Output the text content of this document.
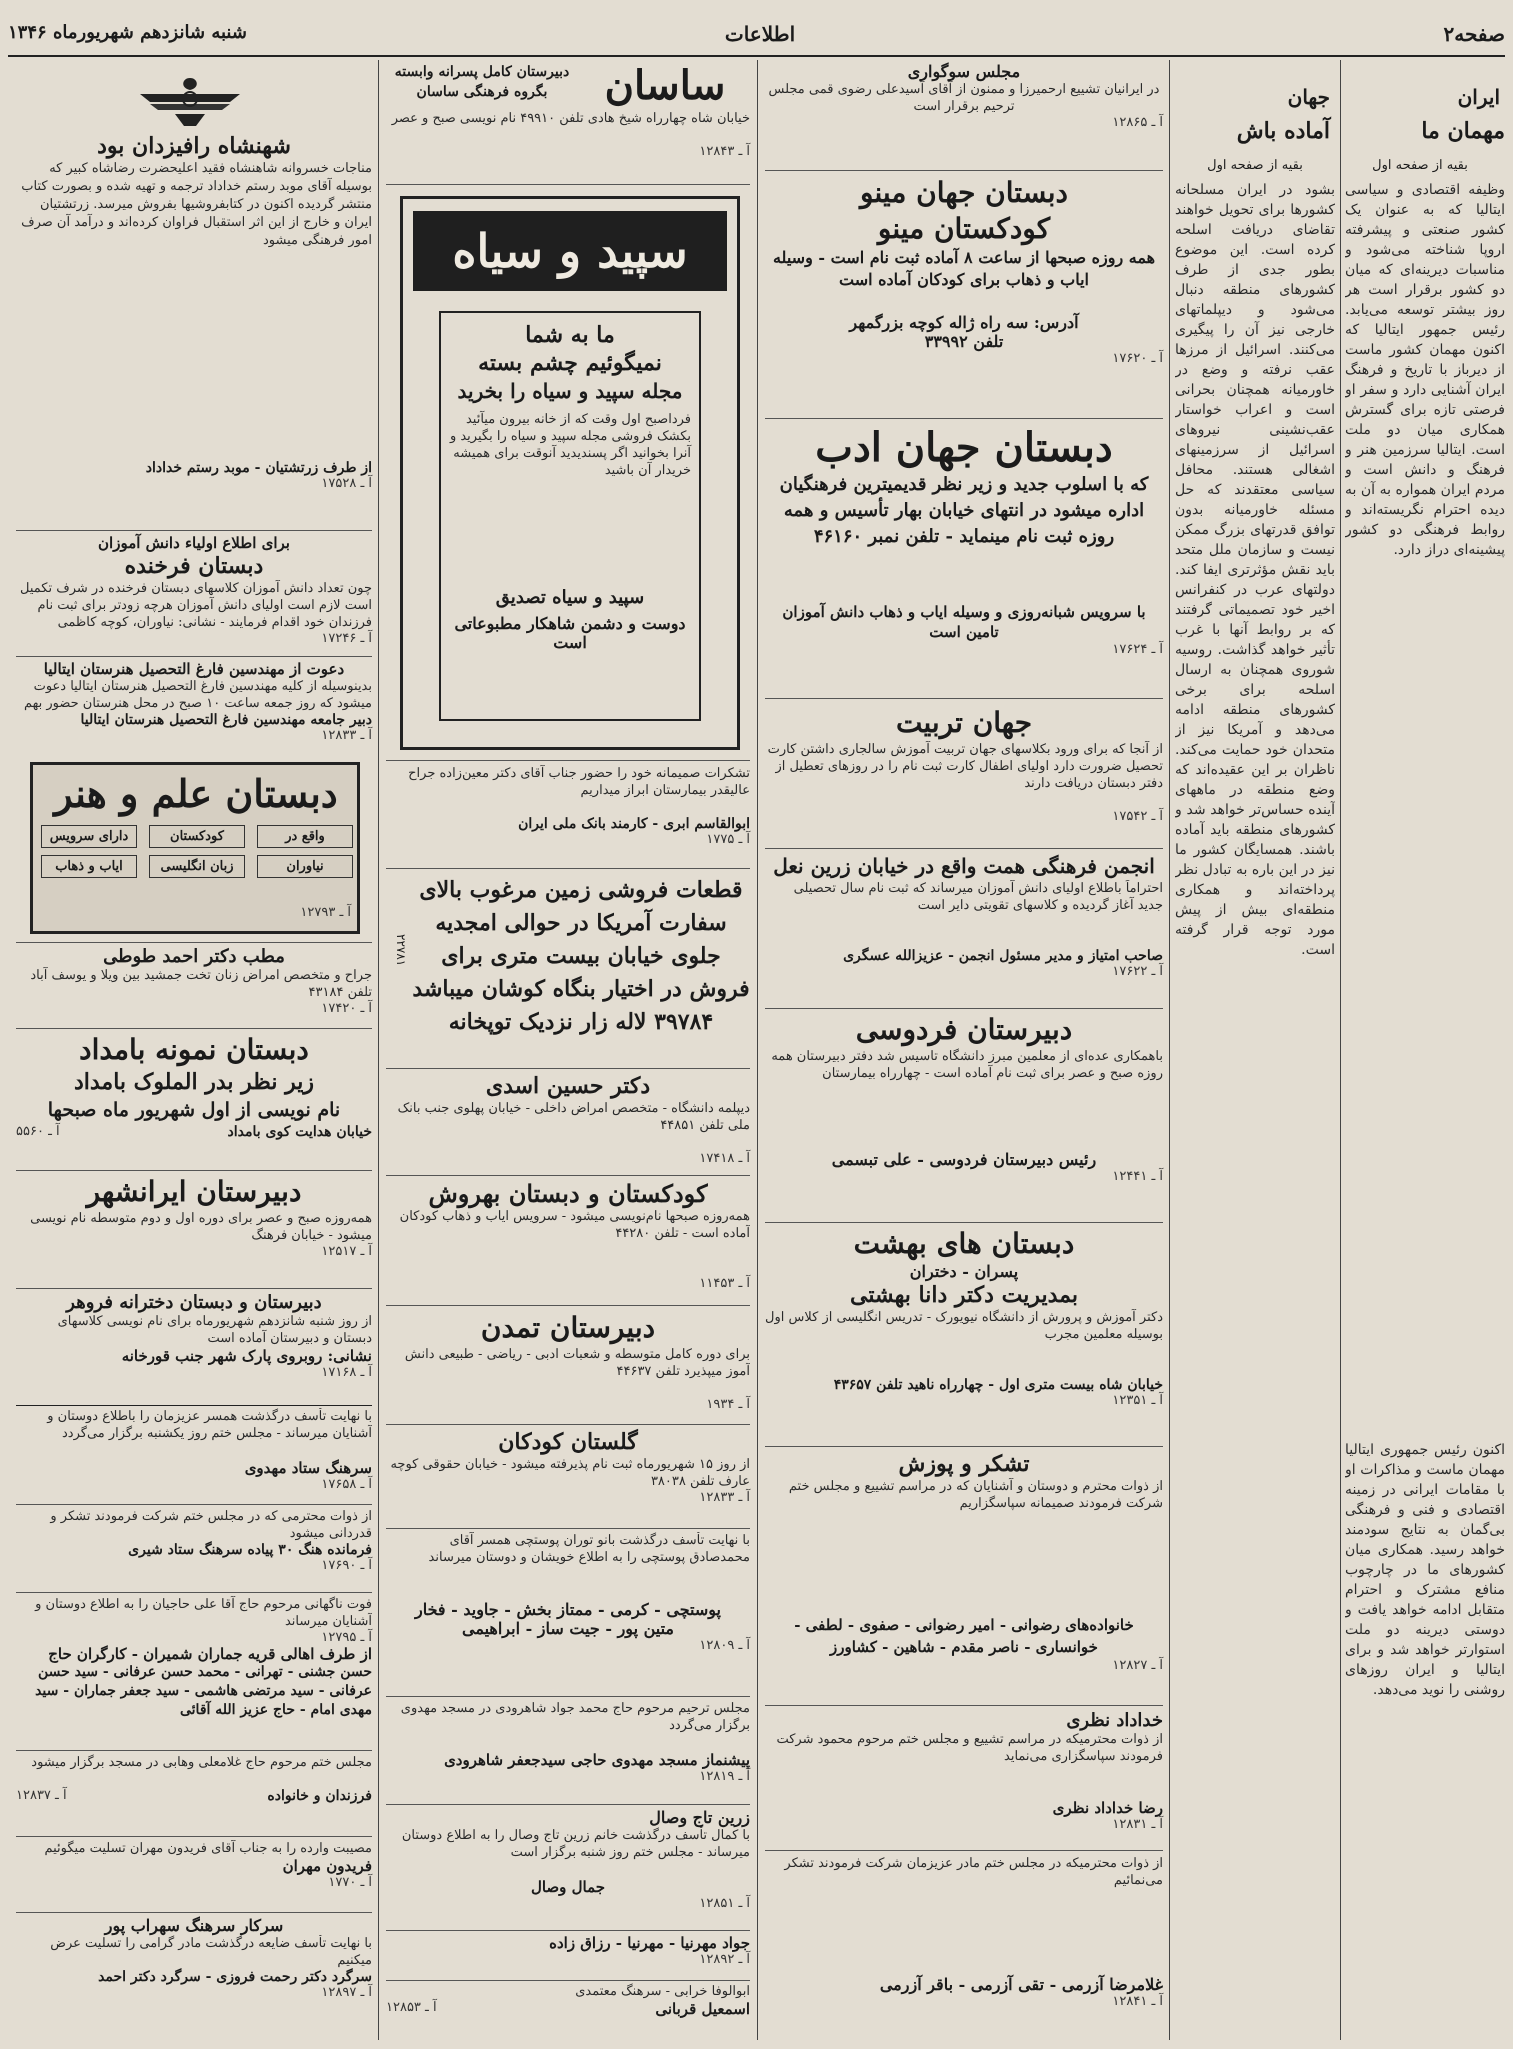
صفحه۲
اطلاعات
شنبه شانزدهم شهریورماه ۱۳۴۶
ایران
مهمان ما
بقیه از صفحه اول
وظیفه اقتصادی و سیاسی ایتالیا که به عنوان یک کشور صنعتی و پیشرفته اروپا شناخته می‌شود و مناسبات دیرینه‌ای که میان دو کشور برقرار است هر روز بیشتر توسعه می‌یابد. رئیس جمهور ایتالیا که اکنون مهمان کشور ماست از دیرباز با تاریخ و فرهنگ ایران آشنایی دارد و سفر او فرصتی تازه برای گسترش همکاری میان دو ملت است. ایتالیا سرزمین هنر و فرهنگ و دانش است و مردم ایران همواره به آن به دیده احترام نگریسته‌اند و روابط فرهنگی دو کشور پیشینه‌ای دراز دارد.
اکنون رئیس جمهوری ایتالیا مهمان ماست و مذاکرات او با مقامات ایرانی در زمینه اقتصادی و فنی و فرهنگی بی‌گمان به نتایج سودمند خواهد رسید. همکاری میان کشورهای ما در چارچوب منافع مشترک و احترام متقابل ادامه خواهد یافت و دوستی دیرینه دو ملت استوارتر خواهد شد و برای ایتالیا و ایران روزهای روشنی را نوید می‌دهد.
جهان
آماده باش
بقیه از صفحه اول
بشود در ایران مسلحانه کشورها برای تحویل خواهند تقاضای دریافت اسلحه کرده است. این موضوع بطور جدی از طرف کشورهای منطقه دنبال می‌شود و دیپلماتهای خارجی نیز آن را پیگیری می‌کنند. اسرائیل از مرزها عقب نرفته و وضع در خاورمیانه همچنان بحرانی است و اعراب خواستار عقب‌نشینی نیروهای اسرائیل از سرزمینهای اشغالی هستند. محافل سیاسی معتقدند که حل مسئله خاورمیانه بدون توافق قدرتهای بزرگ ممکن نیست و سازمان ملل متحد باید نقش مؤثرتری ایفا کند. دولتهای عرب در کنفرانس اخیر خود تصمیماتی گرفتند که بر روابط آنها با غرب تأثیر خواهد گذاشت. روسیه شوروی همچنان به ارسال اسلحه برای برخی کشورهای منطقه ادامه می‌دهد و آمریکا نیز از متحدان خود حمایت می‌کند. ناظران بر این عقیده‌اند که وضع منطقه در ماههای آینده حساس‌تر خواهد شد و کشورهای منطقه باید آماده باشند. همسایگان کشور ما نیز در این باره به تبادل نظر پرداخته‌اند و همکاری منطقه‌ای بیش از پیش مورد توجه قرار گرفته است.
مجلس سوگواری
در ایرانیان تشییع ارحمیرزا و ممنون از آقای آسیدعلی رضوی قمی مجلس ترحیم برقرار است
آ ـ ۱۲۸۶۵
دبستان جهان مینو
کودکستان مینو
همه روزه صبحها از ساعت ۸ آماده ثبت نام است - وسیله ایاب و ذهاب برای کودکان آماده است
آدرس: سه راه ژاله کوچه بزرگمهر
تلفن ۳۳۹۹۲
آ ـ ۱۷۶۲۰
دبستان جهان ادب
که با اسلوب جدید و زیر نظر قدیمیترین فرهنگیان اداره میشود در انتهای خیابان بهار تأسیس و همه روزه ثبت نام مینماید - تلفن نمبر ۴۶۱۶۰
با سرویس شبانه‌روزی و وسیله ایاب و ذهاب دانش آموزان تامین است
آ ـ ۱۷۶۲۴
جهان تربیت
از آنجا که برای ورود بکلاسهای جهان تربیت آموزش سالجاری داشتن کارت تحصیل ضرورت دارد اولیای اطفال کارت ثبت نام را در روزهای تعطیل از دفتر دبستان دریافت دارند
آ ـ ۱۷۵۴۲
انجمن فرهنگی همت واقع در خیابان زرین نعل
احتراماً باطلاع اولیای دانش آموزان میرساند که ثبت نام سال تحصیلی جدید آغاز گردیده و کلاسهای تقویتی دایر است
صاحب امتیاز و مدیر مسئول انجمن - عزیزالله عسگری
آ ـ ۱۷۶۲۲
دبیرستان فردوسی
باهمکاری عده‌ای از معلمین مبرز دانشگاه تاسیس شد دفتر دبیرستان همه روزه صبح و عصر برای ثبت نام آماده است - چهارراه بیمارستان
رئیس دبیرستان فردوسی - علی تبسمی
آ ـ ۱۲۴۴۱
دبستان های بهشت
پسران - دختران
بمدیریت دکتر دانا بهشتی
دکتر آموزش و پرورش از دانشگاه نیویورک - تدریس انگلیسی از کلاس اول بوسیله معلمین مجرب
خیابان شاه بیست متری اول - چهارراه ناهید تلفن ۴۳۶۵۷
آ ـ ۱۲۳۵۱
تشکر و پوزش
از ذوات محترم و دوستان و آشنایان که در مراسم تشییع و مجلس ختم شرکت فرمودند صمیمانه سپاسگزاریم
خانواده‌های رضوانی - امیر رضوانی - صفوی - لطفی - خوانساری - ناصر مقدم - شاهین - کشاورز
آ ـ ۱۲۸۲۷
خداداد نظری
از ذوات محترمیکه در مراسم تشییع و مجلس ختم مرحوم محمود شرکت فرمودند سپاسگزاری می‌نماید
رضا خداداد نظری
آ ـ ۱۲۸۳۱
از ذوات محترمیکه در مجلس ختم مادر عزیزمان شرکت فرمودند تشکر می‌نمائیم
غلامرضا آزرمی - تقی آزرمی - باقر آزرمی
آ ـ ۱۲۸۴۱
ساسان
دبیرستان کامل پسرانه وابسته بگروه فرهنگی ساسان
خیابان شاه چهارراه شیخ هادی تلفن ۴۹۹۱۰ نام نویسی صبح و عصر
آ ـ ۱۲۸۴۳
سپید و سیاه
ما به شما
نمیگوئیم چشم بسته
مجله سپید و سیاه را بخرید
فرداصبح اول وقت که از خانه بیرون میآئید بکشک فروشی مجله سپید و سیاه را بگیرید و آنرا بخوانید اگر پسندیدید آنوقت برای همیشه خریدار آن باشید
سپید و سیاه تصدیق
دوست و دشمن شاهکار مطبوعاتی است
تشکرات صمیمانه خود را حضور جناب آقای دکتر معین‌زاده جراح عالیقدر بیمارستان ابراز میداریم
ابوالقاسم ابری - کارمند بانک ملی ایران
آ ـ ۱۷۷۵
قطعات فروشی زمین مرغوب بالای سفارت آمریکا در حوالی امجدیه جلوی خیابان بیست متری برای فروش در اختیار بنگاه کوشان میباشد ۳۹۷۸۴ لاله زار نزدیک توپخانه
۲۲۷۸۱
دکتر حسین اسدی
دیپلمه دانشگاه - متخصص امراض داخلی - خیابان پهلوی جنب بانک ملی تلفن ۴۴۸۵۱
آ ـ ۱۷۴۱۸
کودکستان و دبستان بهروش
همه‌روزه صبحها نام‌نویسی میشود - سرویس ایاب و ذهاب کودکان آماده است - تلفن ۴۴۲۸۰
آ ـ ۱۱۴۵۳
دبیرستان تمدن
برای دوره کامل متوسطه و شعبات ادبی - ریاضی - طبیعی دانش آموز میپذیرد تلفن ۴۴۶۳۷
آ ـ ۱۹۳۴
گلستان کودکان
از روز ۱۵ شهریورماه ثبت نام پذیرفته میشود - خیابان حقوقی کوچه عارف تلفن ۳۸۰۳۸
آ ـ ۱۲۸۳۳
با نهایت تأسف درگذشت بانو توران پوستچی همسر آقای محمدصادق پوستچی را به اطلاع خویشان و دوستان میرساند
پوستچی - کرمی - ممتاز بخش - جاوید - فخار
متین پور - جیت ساز - ابراهیمی
آ ـ ۱۲۸۰۹
مجلس ترحیم مرحوم حاج محمد جواد شاهرودی در مسجد مهدوی برگزار می‌گردد
پیشنماز مسجد مهدوی حاجی سیدجعفر شاهرودی
آ ـ ۱۲۸۱۹
زرین تاج وصال
با کمال تأسف درگذشت خانم زرین تاج وصال را به اطلاع دوستان میرساند - مجلس ختم روز شنبه برگزار است
جمال وصال
آ ـ ۱۲۸۵۱
جواد مهرنیا - مهرنیا - رزاق زاده
آ ـ ۱۲۸۹۲
ابوالوفا خرابی - سرهنگ معتمدی
اسمعیل قربانی
آ ـ ۱۲۸۵۳
شهنشاه رافیزدان بود
مناجات خسروانه شاهنشاه فقید اعلیحضرت رضاشاه کبیر که بوسیله آقای موبد رستم خداداد ترجمه و تهیه شده و بصورت کتاب منتشر گردیده اکنون در کتابفروشیها بفروش میرسد. زرتشتیان ایران و خارج از این اثر استقبال فراوان کرده‌اند و درآمد آن صرف امور فرهنگی میشود
از طرف زرتشتیان - موبد رستم خداداد
آ ـ ۱۷۵۲۸
برای اطلاع اولیاء دانش آموزان
دبستان فرخنده
چون تعداد دانش آموزان کلاسهای دبستان فرخنده در شرف تکمیل است لازم است اولیای دانش آموزان هرچه زودتر برای ثبت نام فرزندان خود اقدام فرمایند - نشانی: نیاوران، کوچه کاظمی
آ ـ ۱۷۲۴۶
دعوت از مهندسین فارغ التحصیل هنرستان ایتالیا
بدینوسیله از کلیه مهندسین فارغ التحصیل هنرستان ایتالیا دعوت میشود که روز جمعه ساعت ۱۰ صبح در محل هنرستان حضور بهم
دبیر جامعه مهندسین فارغ التحصیل هنرستان ایتالیا
آ ـ ۱۲۸۳۳
دبستان علم و هنر
دارای سرویس
ایاب و ذهاب
کودکستان
زبان انگلیسی
واقع در
نیاوران
آ ـ ۱۲۷۹۳
مطب دکتر احمد طوطی
جراح و متخصص امراض زنان تخت جمشید بین ویلا و یوسف آباد تلفن ۴۳۱۸۴
آ ـ ۱۷۴۲۰
دبستان نمونه بامداد
زیر نظر بدر الملوک بامداد
نام نویسی از اول شهریور ماه صبحها
خیابان هدایت کوی بامداد
آ ـ ۵۵۶۰
دبیرستان ایرانشهر
همه‌روزه صبح و عصر برای دوره اول و دوم متوسطه نام نویسی میشود - خیابان فرهنگ
آ ـ ۱۲۵۱۷
دبیرستان و دبستان دخترانه فروهر
از روز شنبه شانزدهم شهریورماه برای نام نویسی کلاسهای دبستان و دبیرستان آماده است
نشانی: روبروی پارک شهر جنب قورخانه
آ ـ ۱۷۱۶۸
با نهایت تأسف درگذشت همسر عزیزمان را باطلاع دوستان و آشنایان میرساند - مجلس ختم روز یکشنبه برگزار می‌گردد
سرهنگ ستاد مهدوی
آ ـ ۱۷۶۵۸
از ذوات محترمی که در مجلس ختم شرکت فرمودند تشکر و قدردانی میشود
فرمانده هنگ ۳۰ پیاده سرهنگ ستاد شیری
آ ـ ۱۷۶۹۰
فوت ناگهانی مرحوم حاج آقا علی حاجیان را به اطلاع دوستان و آشنایان میرساند
آ ـ ۱۲۷۹۵
از طرف اهالی قریه جماران شمیران - کارگران حاج
حسن جشنی - تهرانی - محمد حسن عرفانی - سید حسن عرفانی - سید مرتضی هاشمی - سید جعفر جماران - سید مهدی امام - حاج عزیز الله آقائی
مجلس ختم مرحوم حاج غلامعلی وهابی در مسجد برگزار میشود
فرزندان و خانواده
آ ـ ۱۲۸۳۷
مصیبت وارده را به جناب آقای فریدون مهران تسلیت میگوئیم
فریدون مهران
آ ـ ۱۷۷۰
سرکار سرهنگ سهراب پور
با نهایت تأسف ضایعه درگذشت مادر گرامی را تسلیت عرض میکنیم
سرگرد دکتر رحمت فروزی - سرگرد دکتر احمد
آ ـ ۱۲۸۹۷
